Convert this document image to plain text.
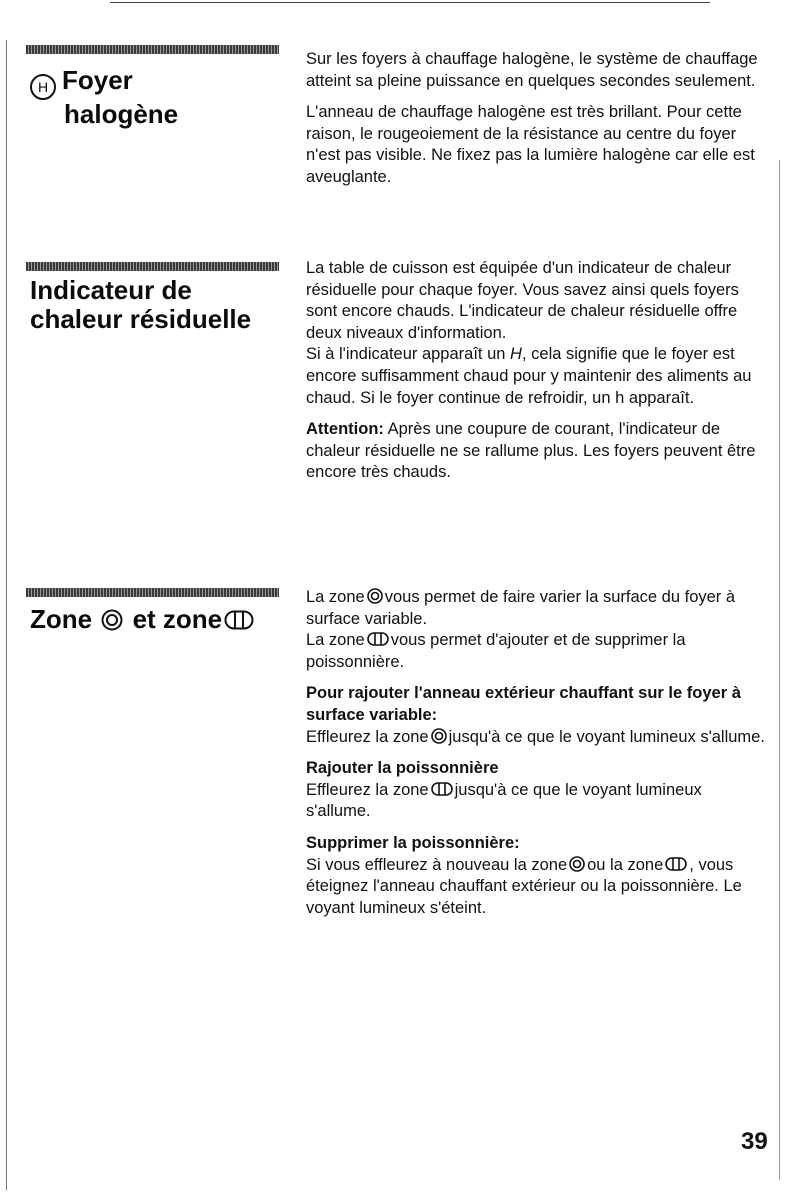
H Foyer
halogène

Sur les foyers à chauffage halogène, le système de chauffage atteint sa pleine puissance en quelques secondes seulement.

L'anneau de chauffage halogène est très brillant. Pour cette raison, le rougeoiement de la résistance au centre du foyer n'est pas visible. Ne fixez pas la lumière halogène car elle est aveuglante.

Indicateur de
chaleur résiduelle

La table de cuisson est équipée d'un indicateur de chaleur résiduelle pour chaque foyer. Vous savez ainsi quels foyers sont encore chauds. L'indicateur de chaleur résiduelle offre deux niveaux d'information.

Si à l'indicateur apparaît un H, cela signifie que le foyer est encore suffisamment chaud pour y maintenir des aliments au chaud. Si le foyer continue de refroidir, un h apparaît.

Attention: Après une coupure de courant, l'indicateur de chaleur résiduelle ne se rallume plus. Les foyers peuvent être encore très chauds.

Zone et zone

La zone vous permet de faire varier la surface du foyer à surface variable.

La zone vous permet d'ajouter et de supprimer la poissonnière.

Pour rajouter l'anneau extérieur chauffant sur le foyer à surface variable:
Effleurez la zone jusqu'à ce que le voyant lumineux s'allume.

Rajouter la poissonnière
Effleurez la zone jusqu'à ce que le voyant lumineux s'allume.

Supprimer la poissonnière:
Si vous effleurez à nouveau la zone ou la zone , vous éteignez l'anneau chauffant extérieur ou la poissonnière. Le voyant lumineux s'éteint.

39
